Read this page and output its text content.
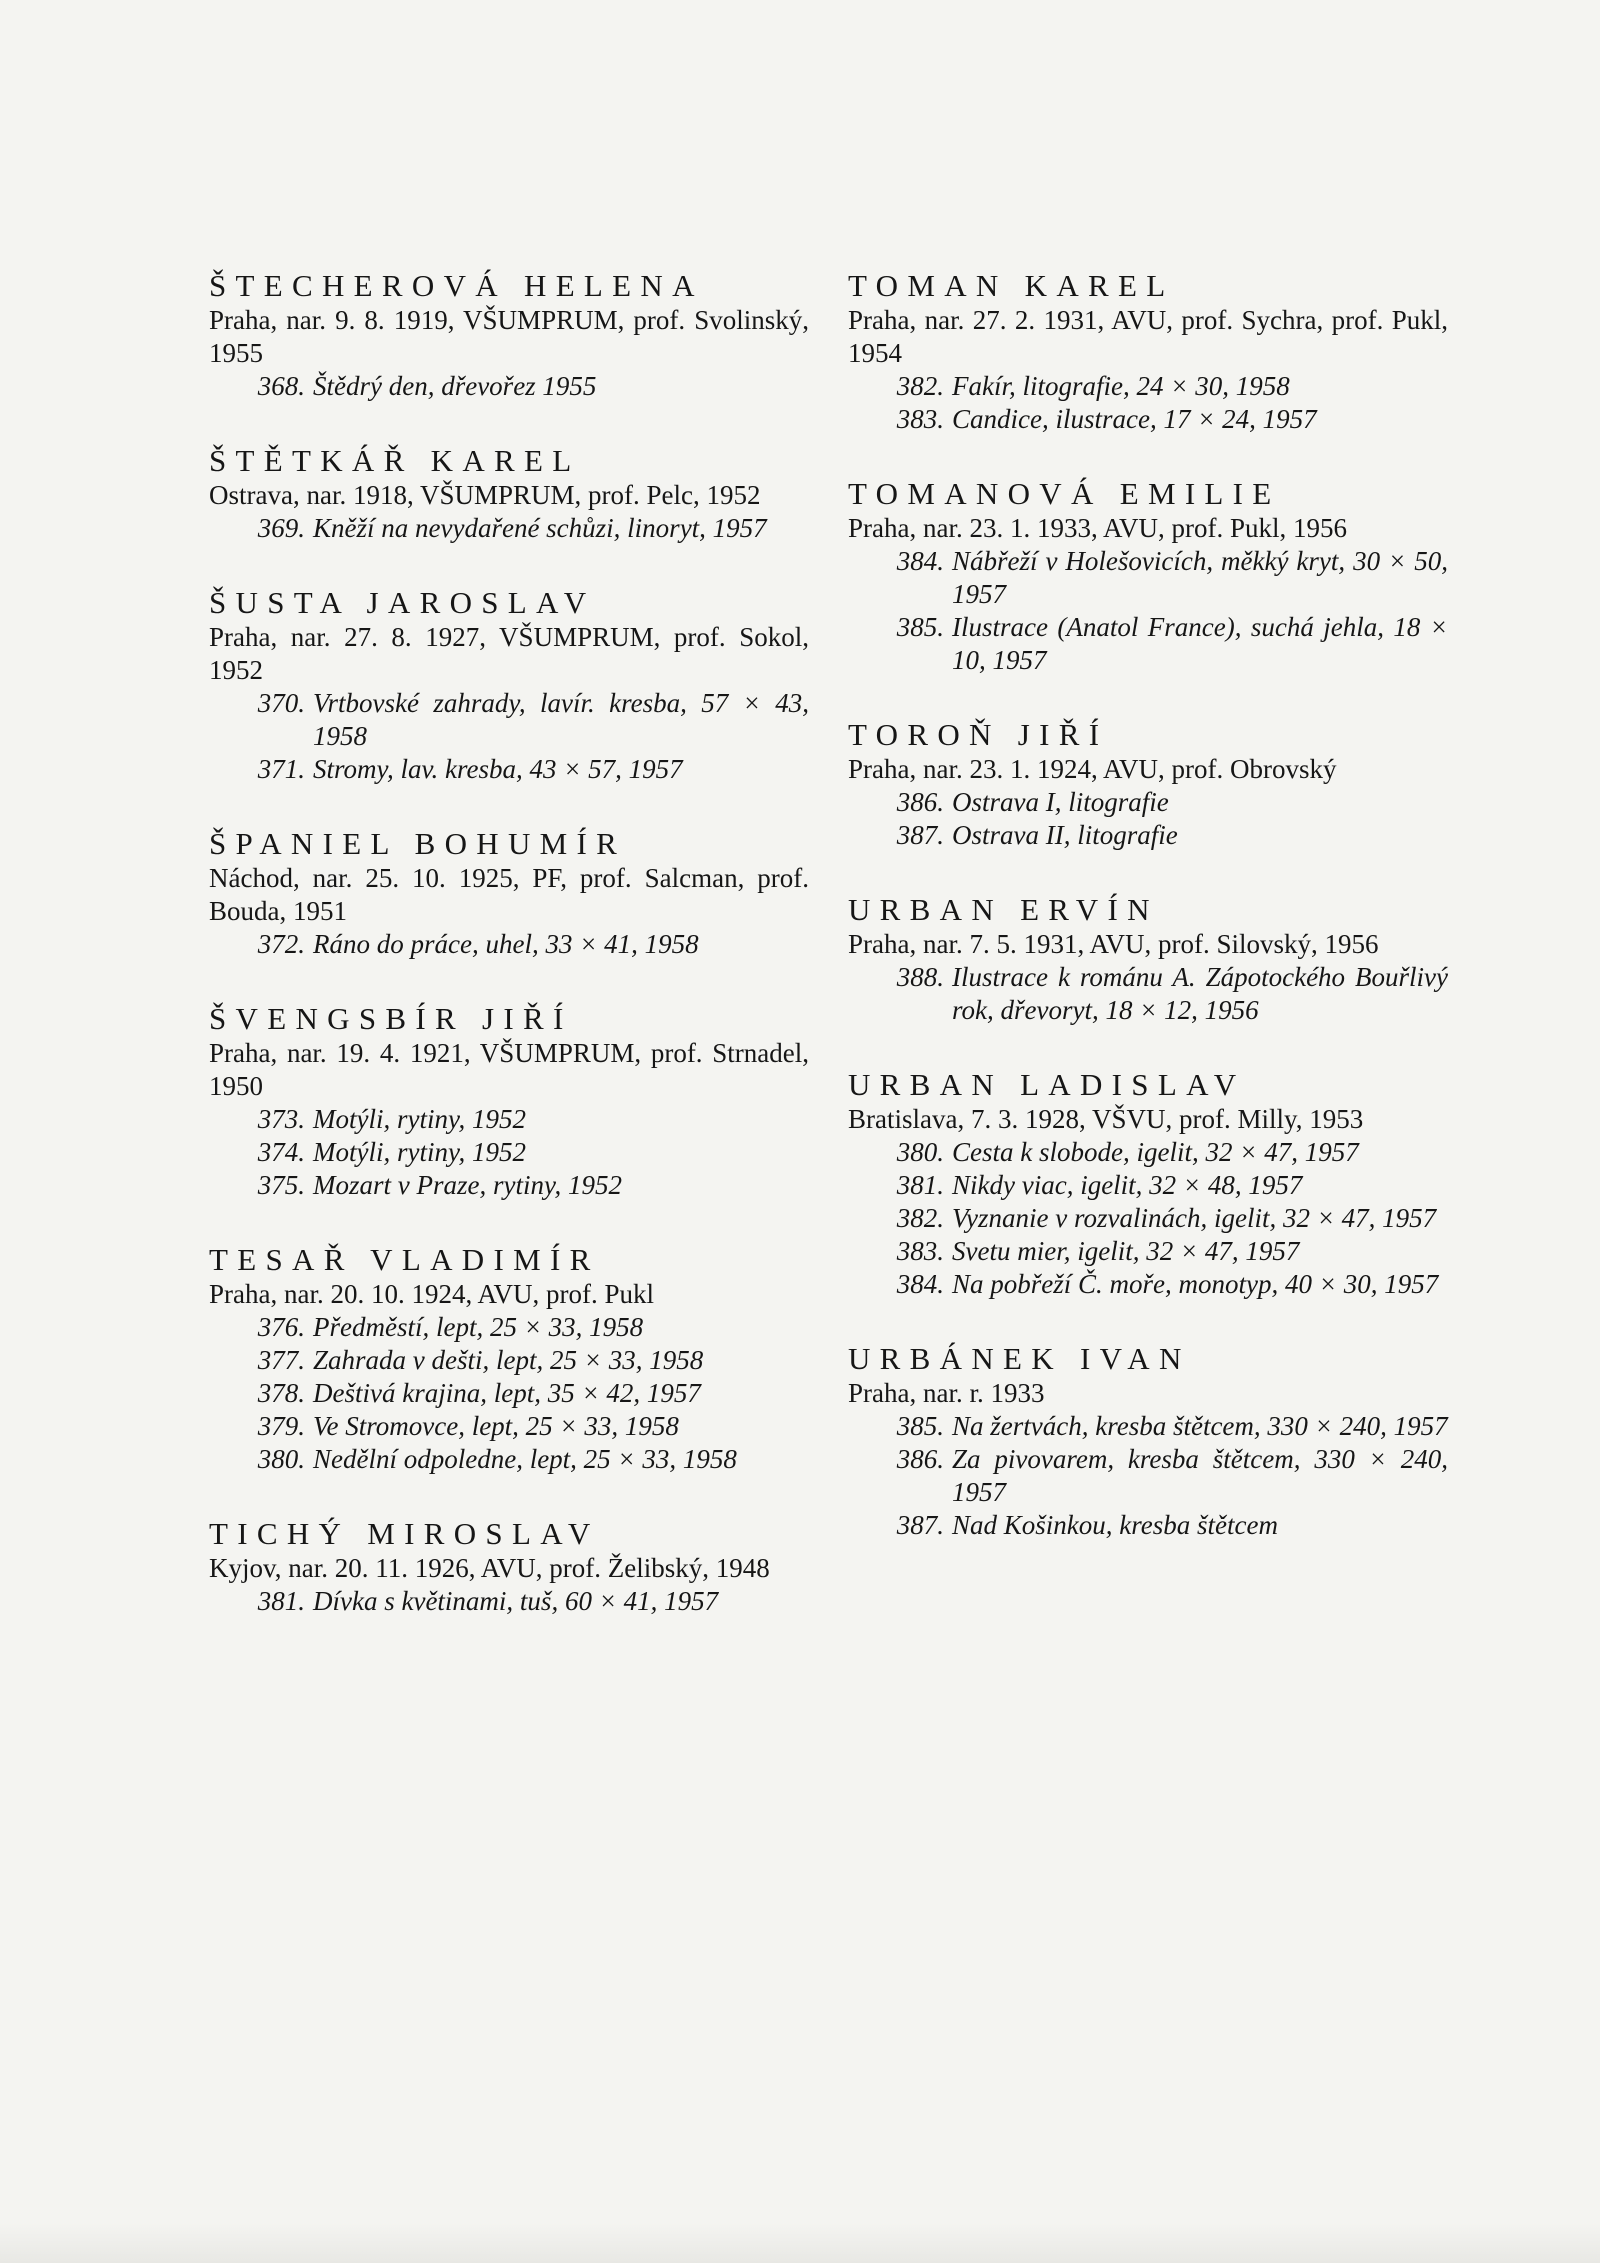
ŠTECHEROVÁ HELENA
Praha, nar. 9. 8. 1919, VŠUMPRUM, prof. Svolinský, 1955
368. Štědrý den, dřevořez 1955
ŠTĚTKÁŘ KAREL
Ostrava, nar. 1918, VŠUMPRUM, prof. Pelc, 1952
369. Kněží na nevydařené schůzi, linoryt, 1957
ŠUSTA JAROSLAV
Praha, nar. 27. 8. 1927, VŠUMPRUM, prof. Sokol, 1952
370. Vrtbovské zahrady, lavír. kresba, 57 × 43, 1958
371. Stromy, lav. kresba, 43 × 57, 1957
ŠPANIEL BOHUMÍR
Náchod, nar. 25. 10. 1925, PF, prof. Salcman, prof. Bouda, 1951
372. Ráno do práce, uhel, 33 × 41, 1958
ŠVENGSBÍR JIŘÍ
Praha, nar. 19. 4. 1921, VŠUMPRUM, prof. Strnadel, 1950
373. Motýli, rytiny, 1952
374. Motýli, rytiny, 1952
375. Mozart v Praze, rytiny, 1952
TESAŘ VLADIMÍR
Praha, nar. 20. 10. 1924, AVU, prof. Pukl
376. Předměstí, lept, 25 × 33, 1958
377. Zahrada v dešti, lept, 25 × 33, 1958
378. Deštivá krajina, lept, 35 × 42, 1957
379. Ve Stromovce, lept, 25 × 33, 1958
380. Nedělní odpoledne, lept, 25 × 33, 1958
TICHÝ MIROSLAV
Kyjov, nar. 20. 11. 1926, AVU, prof. Želibský, 1948
381. Dívka s květinami, tuš, 60 × 41, 1957
TOMAN KAREL
Praha, nar. 27. 2. 1931, AVU, prof. Sychra, prof. Pukl, 1954
382. Fakír, litografie, 24 × 30, 1958
383. Candice, ilustrace, 17 × 24, 1957
TOMANOVÁ EMILIE
Praha, nar. 23. 1. 1933, AVU, prof. Pukl, 1956
384. Nábřeží v Holešovicích, měkký kryt, 30 × 50, 1957
385. Ilustrace (Anatol France), suchá jehla, 18 × 10, 1957
TOROŇ JIŘÍ
Praha, nar. 23. 1. 1924, AVU, prof. Obrovský
386. Ostrava I, litografie
387. Ostrava II, litografie
URBAN ERVÍN
Praha, nar. 7. 5. 1931, AVU, prof. Silovský, 1956
388. Ilustrace k románu A. Zápotockého Bouřlivý rok, dřevoryt, 18 × 12, 1956
URBAN LADISLAV
Bratislava, 7. 3. 1928, VŠVU, prof. Milly, 1953
380. Cesta k slobode, igelit, 32 × 47, 1957
381. Nikdy viac, igelit, 32 × 48, 1957
382. Vyznanie v rozvalinách, igelit, 32 × 47, 1957
383. Svetu mier, igelit, 32 × 47, 1957
384. Na pobřeží Č. moře, monotyp, 40 × 30, 1957
URBÁNEK IVAN
Praha, nar. r. 1933
385. Na žertvách, kresba štětcem, 330 × 240, 1957
386. Za pivovarem, kresba štětcem, 330 × 240, 1957
387. Nad Košinkou, kresba štětcem
